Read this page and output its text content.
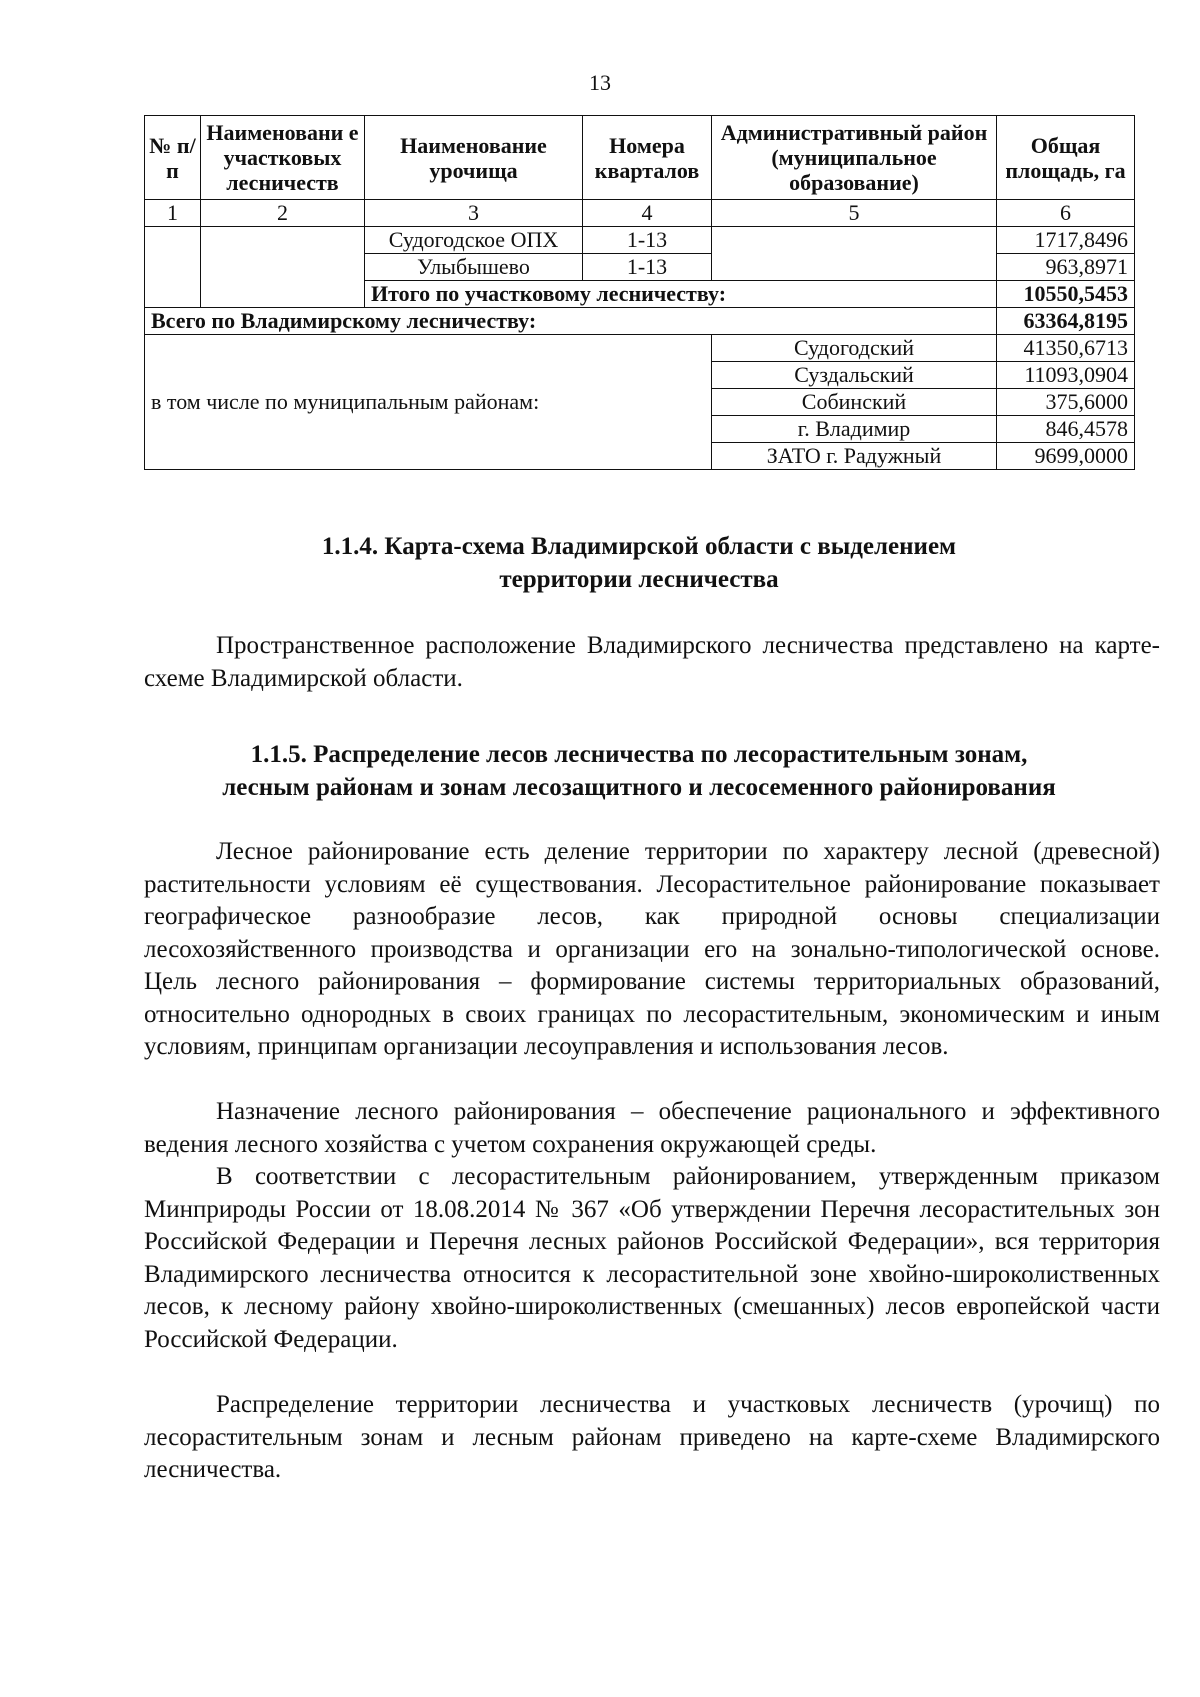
13
№ п/п	Наименовани е участковых лесничеств	Наименование урочища	Номера кварталов	Административный район (муниципальное образование)	Общая площадь, га
1	2	3	4	5	6
		Судогодское ОПХ	1-13		1717,8496
		Улыбышево	1-13		963,8971
		Итого по участковому лесничеству:			10550,5453
Всего по Владимирскому лесничеству:					63364,8195
в том числе по муниципальным районам:				Судогодский	41350,6713
				Суздальский	11093,0904
				Собинский	375,6000
				г. Владимир	846,4578
				ЗАТО г. Радужный	9699,0000
1.1.4. Карта-схема Владимирской области с выделением
территории лесничества

Пространственное расположение Владимирского лесничества представлено на карте-схеме Владимирской области.

1.1.5. Распределение лесов лесничества по лесорастительным зонам,
лесным районам и зонам лесозащитного и лесосеменного районирования

Лесное районирование есть деление территории по характеру лесной (древесной) растительности условиям её существования. Лесорастительное районирование показывает географическое разнообразие лесов, как природной основы специализации лесохозяйственного производства и организации его на зонально-типологической основе. Цель лесного районирования – формирование системы территориальных образований, относительно однородных в своих границах по лесорастительным, экономическим и иным условиям, принципам организации лесоуправления и использования лесов.

Назначение лесного районирования – обеспечение рационального и эффективного ведения лесного хозяйства с учетом сохранения окружающей среды.

В соответствии с лесорастительным районированием, утвержденным приказом Минприроды России от 18.08.2014 № 367 «Об утверждении Перечня лесорастительных зон Российской Федерации и Перечня лесных районов Российской Федерации», вся территория Владимирского лесничества относится к лесорастительной зоне хвойно-широколиственных лесов, к лесному району хвойно-широколиственных (смешанных) лесов европейской части Российской Федерации.

Распределение территории лесничества и участковых лесничеств (урочищ) по лесорастительным зонам и лесным районам приведено на карте-схеме Владимирского лесничества.
